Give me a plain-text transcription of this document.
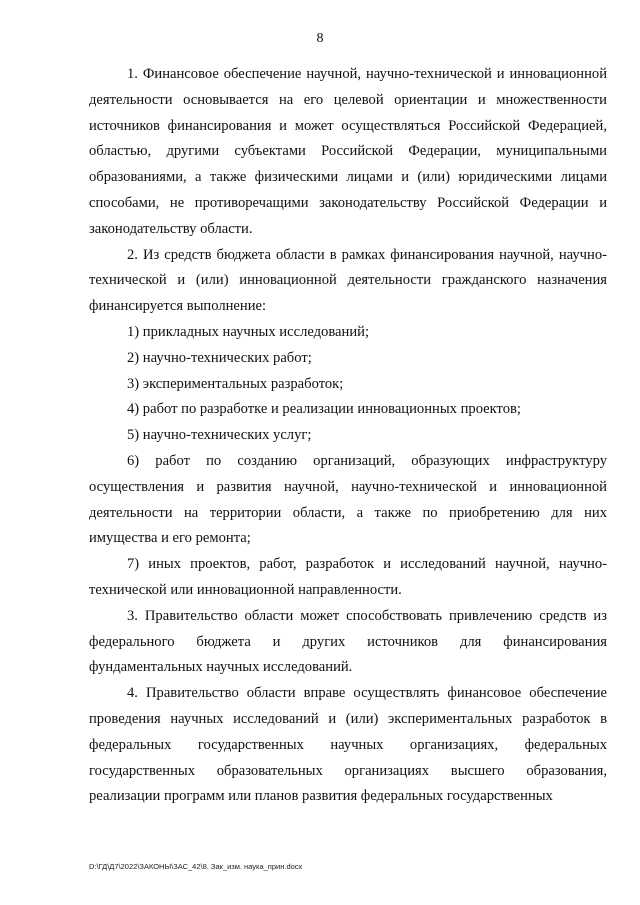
8

1. Финансовое обеспечение научной, научно-технической и инновационной деятельности основывается на его целевой ориентации и множественности источников финансирования и может осуществляться Российской Федерацией, областью, другими субъектами Российской Федерации, муниципальными образованиями, а также физическими лицами и (или) юридическими лицами способами, не противоречащими законодательству Российской Федерации и законодательству области.

2. Из средств бюджета области в рамках финансирования научной, научно-технической и (или) инновационной деятельности гражданского назначения финансируется выполнение:

1) прикладных научных исследований;

2) научно-технических работ;

3) экспериментальных разработок;

4) работ по разработке и реализации инновационных проектов;

5) научно-технических услуг;

6) работ по созданию организаций, образующих инфраструктуру осуществления и развития научной, научно-технической и инновационной деятельности на территории области, а также по приобретению для них имущества и его ремонта;

7) иных проектов, работ, разработок и исследований научной, научно-технической или инновационной направленности.

3. Правительство области может способствовать привлечению средств из федерального бюджета и других источников для финансирования фундаментальных научных исследований.

4. Правительство области вправе осуществлять финансовое обеспечение проведения научных исследований и (или) экспериментальных разработок в федеральных государственных научных организациях, федеральных государственных образовательных организациях высшего образования, реализации программ или планов развития федеральных государственных

D:\ГД\Д7\2022\ЗАКОНЫ\ЗАС_42\8. Зак_изм. наука_прин.docx
